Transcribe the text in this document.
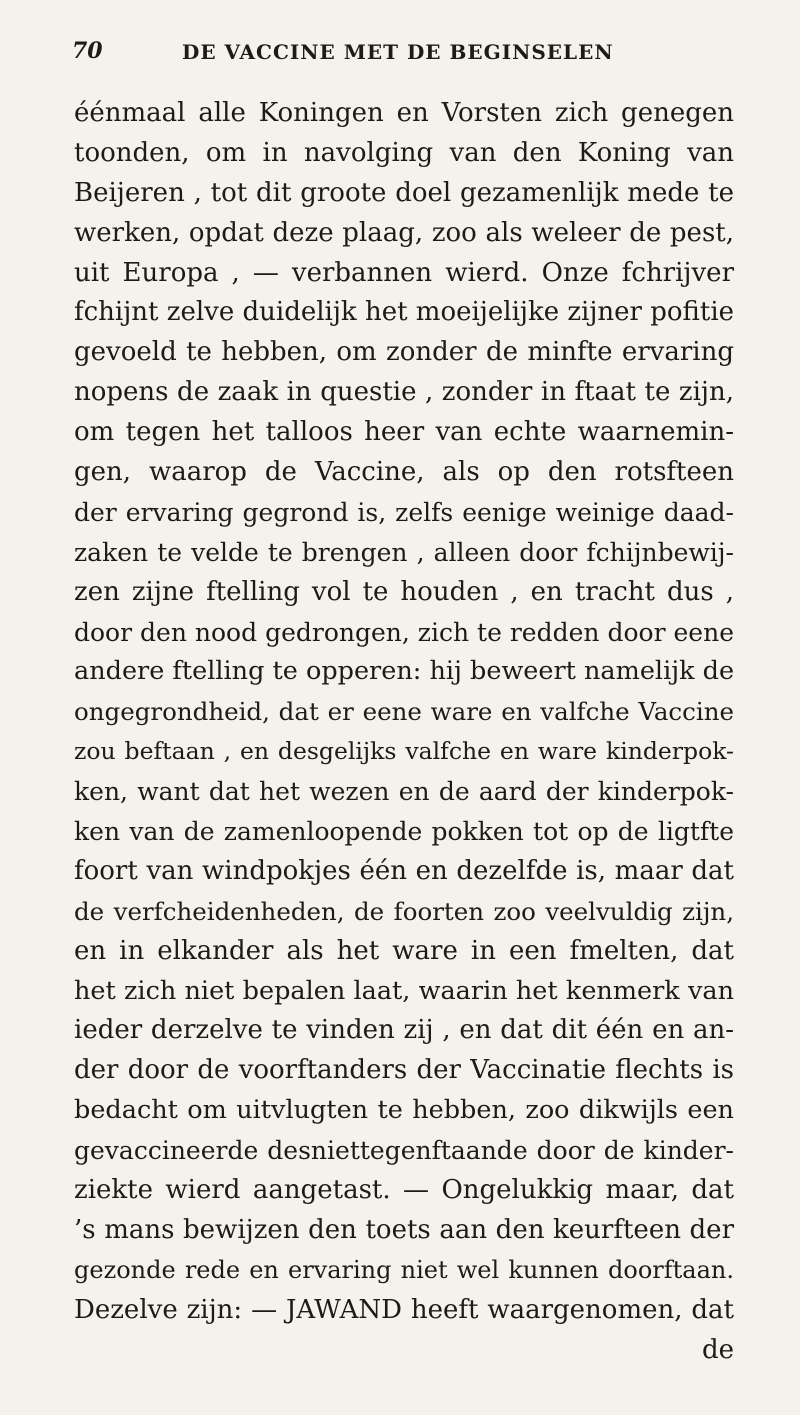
70	DE VACCINE MET DE BEGINSELEN
éénmaal alle Koningen en Vorsten zich genegen
toonden, om in navolging van den Koning van
Beijeren , tot dit groote doel gezamenlijk mede te
werken, opdat deze plaag, zoo als weleer de pest,
uit Europa , — verbannen wierd. Onze fchrijver
fchijnt zelve duidelijk het moeijelijke zijner pofitie
gevoeld te hebben, om zonder de minfte ervaring
nopens de zaak in questie , zonder in ftaat te zijn,
om tegen het talloos heer van echte waarnemin-
gen, waarop de Vaccine, als op den rotsfteen
der ervaring gegrond is, zelfs eenige weinige daad-
zaken te velde te brengen , alleen door fchijnbewij-
zen zijne ftelling vol te houden , en tracht dus ,
door den nood gedrongen, zich te redden door eene
andere ftelling te opperen: hij beweert namelijk de
ongegrondheid, dat er eene ware en valfche Vaccine
zou beftaan , en desgelijks valfche en ware kinderpok-
ken, want dat het wezen en de aard der kinderpok-
ken van de zamenloopende pokken tot op de ligtfte
foort van windpokjes één en dezelfde is, maar dat
de verfcheidenheden, de foorten zoo veelvuldig zijn,
en in elkander als het ware in een fmelten, dat
het zich niet bepalen laat, waarin het kenmerk van
ieder derzelve te vinden zij , en dat dit één en an-
der door de voorftanders der Vaccinatie flechts is
bedacht om uitvlugten te hebben, zoo dikwijls een
gevaccineerde desniettegenftaande door de kinder-
ziekte wierd aangetast. — Ongelukkig maar, dat
’s mans bewijzen den toets aan den keurfteen der
gezonde rede en ervaring niet wel kunnen doorftaan.
Dezelve zijn: — JAWAND heeft waargenomen, dat
de
